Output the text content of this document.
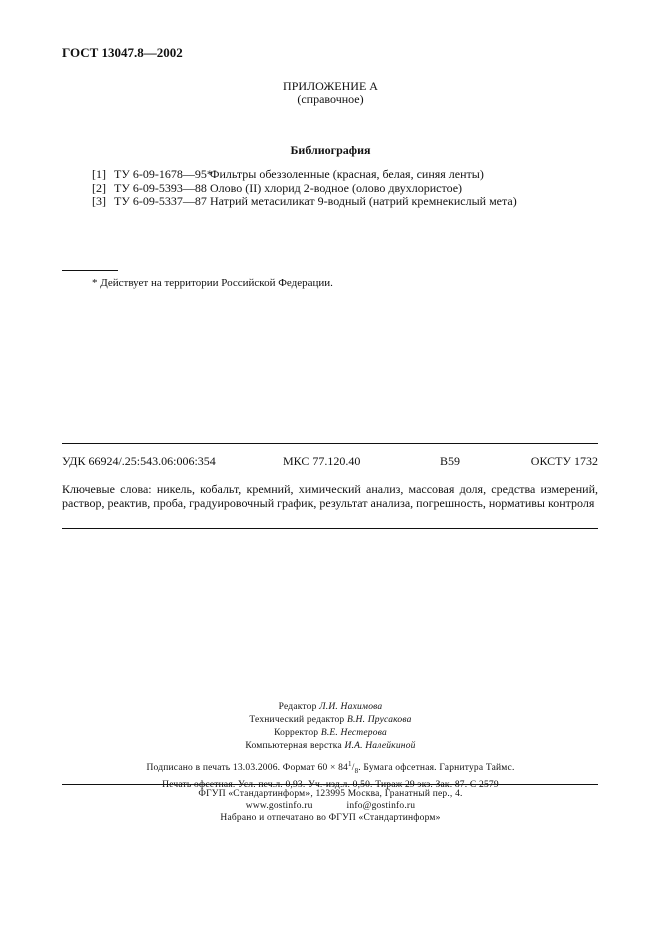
ГОСТ 13047.8—2002
ПРИЛОЖЕНИЕ А
(справочное)
Библиография
[1] ТУ 6-09-1678—95*Фильтры обеззоленные (красная, белая, синяя ленты)
[2] ТУ 6-09-5393—88 Олово (II) хлорид 2-водное (олово двухлористое)
[3] ТУ 6-09-5337—87 Натрий метасиликат 9-водный (натрий кремнекислый мета)
* Действует на территории Российской Федерации.
УДК 66924/.25:543.06:006:354	МКС 77.120.40	В59	ОКСТУ 1732
Ключевые слова: никель, кобальт, кремний, химический анализ, массовая доля, средства измерений, раствор, реактив, проба, градуировочный график, результат анализа, погрешность, нормативы контроля
Редактор Л.И. Нахимова
Технический редактор В.Н. Прусакова
Корректор В.Е. Нестерова
Компьютерная верстка И.А. Налейкиной
Подписано в печать 13.03.2006. Формат $60 \times 84^1/_8$. Бумага офсетная. Гарнитура Таймс.
Печать офсетная. Усл. печ.л. 0,93. Уч.-изд.л. 0,50. Тираж 29 экз. Зак. 87. С 2579
ФГУП «Стандартинформ», 123995 Москва, Гранатный пер., 4.
www.gostinfo.ru	info@gostinfo.ru
Набрано и отпечатано во ФГУП «Стандартинформ»
